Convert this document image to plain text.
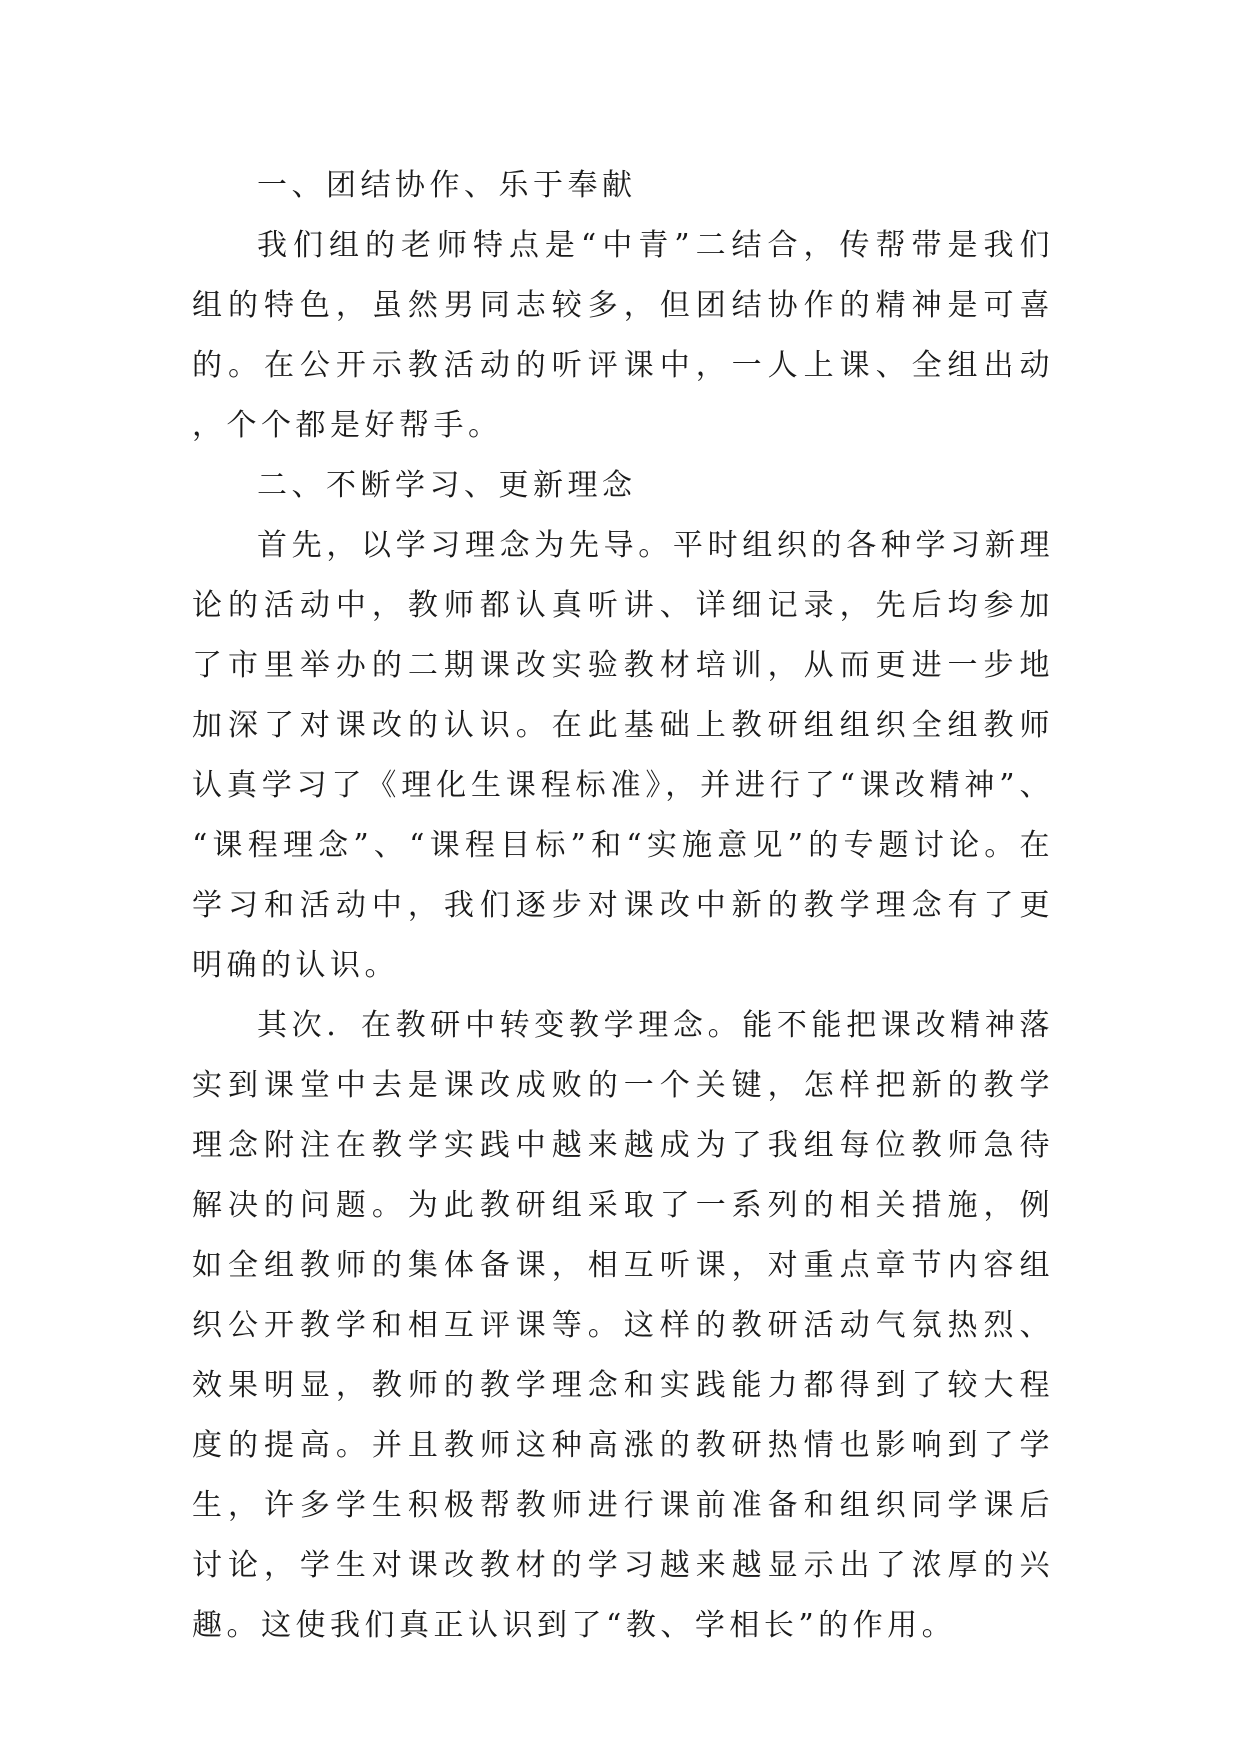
一、团结协作、乐于奉献

我们组的老师特点是“中青”二结合，传帮带是我们组的特色，虽然男同志较多，但团结协作的精神是可喜的。在公开示教活动的听评课中，一人上课、全组出动，个个都是好帮手。

二、不断学习、更新理念

首先，以学习理念为先导。平时组织的各种学习新理论的活动中，教师都认真听讲、详细记录，先后均参加了市里举办的二期课改实验教材培训，从而更进一步地加深了对课改的认识。在此基础上教研组组织全组教师认真学习了《理化生课程标准》，并进行了“课改精神”、“课程理念”、“课程目标”和“实施意见”的专题讨论。在学习和活动中，我们逐步对课改中新的教学理念有了更明确的认识。

其次．在教研中转变教学理念。能不能把课改精神落实到课堂中去是课改成败的一个关键，怎样把新的教学理念附注在教学实践中越来越成为了我组每位教师急待解决的问题。为此教研组采取了一系列的相关措施，例如全组教师的集体备课，相互听课，对重点章节内容组织公开教学和相互评课等。这样的教研活动气氛热烈、效果明显，教师的教学理念和实践能力都得到了较大程度的提高。并且教师这种高涨的教研热情也影响到了学生，许多学生积极帮教师进行课前准备和组织同学课后讨论，学生对课改教材的学习越来越显示出了浓厚的兴趣。这使我们真正认识到了“教、学相长”的作用。
